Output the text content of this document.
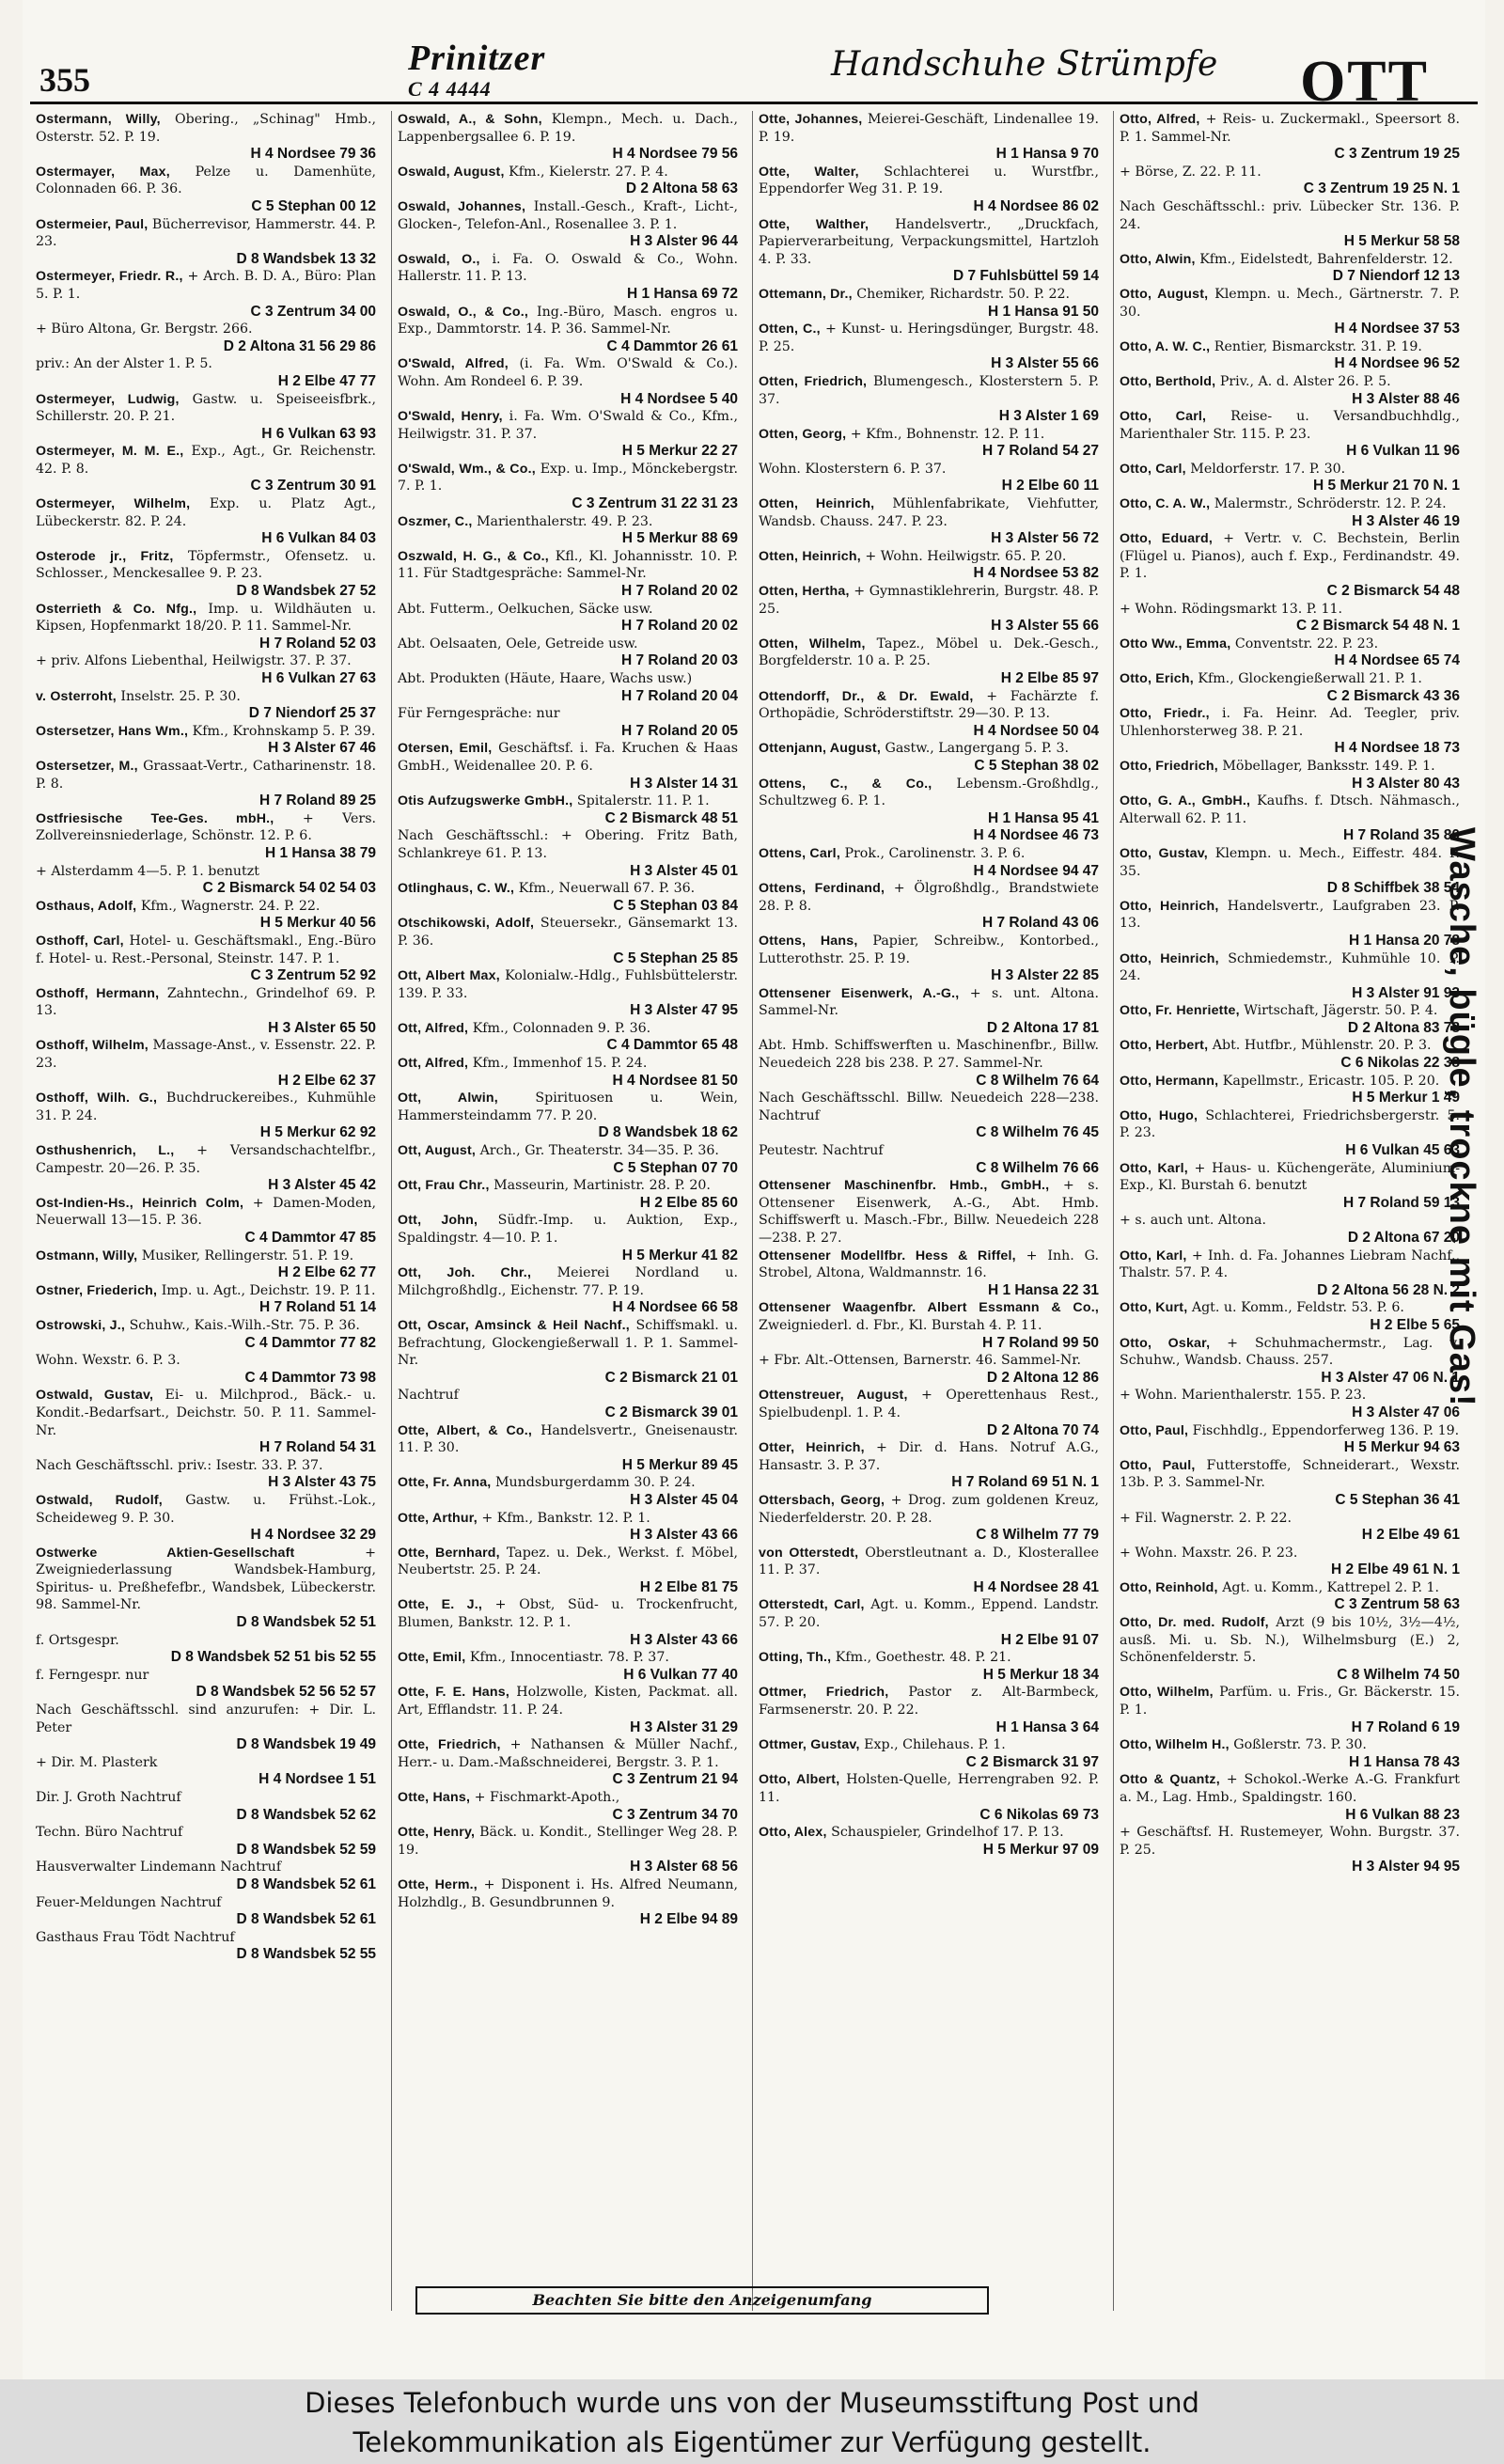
355
Prinitzer
C 4 4444
Handschuhe Strümpfe OTT
Ostermann, Willy, Obering., „Schinag" Hmb., Osterstr. 52. P. 19.
H 4 Nordsee 79 36
Ostermayer, Max, Pelze u. Damenhüte, Colonnaden 66. P. 36.
C 5 Stephan 00 12
Ostermeier, Paul, Bücherrevisor, Hammerstr. 44. P. 23.
D 8 Wandsbek 13 32
Ostermeyer, Friedr. R., + Arch. B. D. A., Büro: Plan 5. P. 1.
C 3 Zentrum 34 00
+ Büro Altona, Gr. Bergstr. 266.
D 2 Altona 31 56 29 86
priv.: An der Alster 1. P. 5.
H 2 Elbe 47 77
Ostermeyer, Ludwig, Gastw. u. Speiseeisfbrk., Schillerstr. 20. P. 21.
H 6 Vulkan 63 93
Ostermeyer, M. M. E., Exp., Agt., Gr. Reichenstr. 42. P. 8.
C 3 Zentrum 30 91
Ostermeyer, Wilhelm, Exp. u. Platz Agt., Lübeckerstr. 82. P. 24.
H 6 Vulkan 84 03
Osterode jr., Fritz, Töpfermstr., Ofensetz. u. Schlosser., Menckesallee 9. P. 23.
D 8 Wandsbek 27 52
Osterrieth & Co. Nfg., Imp. u. Wildhäuten u. Kipsen, Hopfenmarkt 18/20. P. 11. Sammel-Nr.
H 7 Roland 52 03
+ priv. Alfons Liebenthal, Heilwigstr. 37. P. 37.
H 6 Vulkan 27 63
v. Osterroht, Inselstr. 25. P. 30.
D 7 Niendorf 25 37
Ostersetzer, Hans Wm., Kfm., Krohnskamp 5. P. 39.
H 3 Alster 67 46
Ostersetzer, M., Grassaat-Vertr., Catharinenstr. 18. P. 8.
H 7 Roland 89 25
Ostfriesische Tee-Ges. mbH., + Vers. Zollvereinsniederlage, Schönstr. 12. P. 6.
H 1 Hansa 38 79
+ Alsterdamm 4—5. P. 1. benutzt
C 2 Bismarck 54 02 54 03
Osthaus, Adolf, Kfm., Wagnerstr. 24. P. 22.
H 5 Merkur 40 56
Osthoff, Carl, Hotel- u. Geschäftsmakl., Eng.-Büro f. Hotel- u. Rest.-Personal, Steinstr. 147. P. 1.
C 3 Zentrum 52 92
Osthoff, Hermann, Zahntechn., Grindelhof 69. P. 13.
H 3 Alster 65 50
Osthoff, Wilhelm, Massage-Anst., v. Essenstr. 22. P. 23.
H 2 Elbe 62 37
Osthoff, Wilh. G., Buchdruckereibes., Kuhmühle 31. P. 24.
H 5 Merkur 62 92
Osthushenrich, L., + Versandschachtelfbr., Campestr. 20—26. P. 35.
H 3 Alster 45 42
Ost-Indien-Hs., Heinrich Colm, + Damen-Moden, Neuerwall 13—15. P. 36.
C 4 Dammtor 47 85
Ostmann, Willy, Musiker, Rellingerstr. 51. P. 19.
H 2 Elbe 62 77
Ostner, Friederich, Imp. u. Agt., Deichstr. 19. P. 11.
H 7 Roland 51 14
Ostrowski, J., Schuhw., Kais.-Wilh.-Str. 75. P. 36.
C 4 Dammtor 77 82
Wohn. Wexstr. 6. P. 3.
C 4 Dammtor 73 98
Ostwald, Gustav, Ei- u. Milchprod., Bäck.- u. Kondit.-Bedarfsart., Deichstr. 50. P. 11. Sammel-Nr.
H 7 Roland 54 31
Nach Geschäftsschl. priv.: Isestr. 33. P. 37.
H 3 Alster 43 75
Ostwald, Rudolf, Gastw. u. Frühst.-Lok., Scheideweg 9. P. 30.
H 4 Nordsee 32 29
Ostwerke Aktien-Gesellschaft	+ Zweigniederlassung Wandsbek-Hamburg, Spiritus- u. Preßhefefbr., Wandsbek, Lübeckerstr. 98. Sammel-Nr.
D 8 Wandsbek 52 51
f. Ortsgespr.
D 8 Wandsbek 52 51 bis 52 55
f. Ferngespr. nur
D 8 Wandsbek 52 56 52 57
Nach Geschäftsschl. sind anzurufen: + Dir. L. Peter
D 8 Wandsbek 19 49
+ Dir. M. Plasterk
H 4 Nordsee 1 51
Dir. J. Groth Nachtruf
D 8 Wandsbek 52 62
Techn. Büro Nachtruf
D 8 Wandsbek 52 59
Hausverwalter Lindemann Nachtruf
D 8 Wandsbek 52 61
Feuer-Meldungen Nachtruf
D 8 Wandsbek 52 61
Gasthaus Frau Tödt Nachtruf
D 8 Wandsbek 52 55
Oswald, A., & Sohn, Klempn., Mech. u. Dach., Lappenbergsallee 6. P. 19.
H 4 Nordsee 79 56
Oswald, August, Kfm., Kielerstr. 27. P. 4.
D 2 Altona 58 63
Oswald, Johannes, Install.-Gesch., Kraft-, Licht-, Glocken-, Telefon-Anl., Rosenallee 3. P. 1.
H 3 Alster 96 44
Oswald, O., i. Fa. O. Oswald & Co., Wohn. Hallerstr. 11. P. 13.
H 1 Hansa 69 72
Oswald, O., & Co., Ing.-Büro, Masch. engros u. Exp., Dammtorstr. 14. P. 36. Sammel-Nr.
C 4 Dammtor 26 61
O'Swald, Alfred, (i. Fa. Wm. O'Swald & Co.). Wohn. Am Rondeel 6. P. 39.
H 4 Nordsee 5 40
O'Swald, Henry, i. Fa. Wm. O'Swald & Co., Kfm., Heilwigstr. 31. P. 37.
H 5 Merkur 22 27
O'Swald, Wm., & Co., Exp. u. Imp., Mönckebergstr. 7. P. 1.
C 3 Zentrum 31 22 31 23
Oszmer, C., Marienthalerstr. 49. P. 23.
H 5 Merkur 88 69
Oszwald, H. G., & Co., Kfl., Kl. Johannisstr. 10. P. 11. Für Stadtgespräche: Sammel-Nr.
H 7 Roland 20 02
Abt. Futterm., Oelkuchen, Säcke usw.
H 7 Roland 20 02
Abt. Oelsaaten, Oele, Getreide usw.
H 7 Roland 20 03
Abt. Produkten (Häute, Haare, Wachs usw.)
H 7 Roland 20 04
Für Ferngespräche: nur
H 7 Roland 20 05
Otersen, Emil, Geschäftsf. i. Fa. Kruchen & Haas GmbH., Weidenallee 20. P. 6.
H 3 Alster 14 31
Otis Aufzugswerke GmbH., Spitalerstr. 11. P. 1.
C 2 Bismarck 48 51
Nach Geschäftsschl.: + Obering. Fritz Bath, Schlankreye 61. P. 13.
H 3 Alster 45 01
Otlinghaus, C. W., Kfm., Neuerwall 67. P. 36.
C 5 Stephan 03 84
Otschikowski, Adolf, Steuersekr., Gänsemarkt 13. P. 36.
C 5 Stephan 25 85
Ott, Albert Max, Kolonialw.-Hdlg., Fuhlsbüttelerstr. 139. P. 33.
H 3 Alster 47 95
Ott, Alfred, Kfm., Colonnaden 9. P. 36.
C 4 Dammtor 65 48
Ott, Alfred, Kfm., Immenhof 15. P. 24.
H 4 Nordsee 81 50
Ott, Alwin,	Spirituosen u. Wein, Hammersteindamm 77. P. 20.
D 8 Wandsbek 18 62
Ott, August, Arch., Gr. Theaterstr. 34—35. P. 36.
C 5 Stephan 07 70
Ott, Frau Chr., Masseurin, Martinistr. 28. P. 20.
H 2 Elbe 85 60
Ott, John, Südfr.-Imp. u. Auktion, Exp., Spaldingstr. 4—10. P. 1.
H 5 Merkur 41 82
Ott, Joh. Chr., Meierei Nordland u. Milchgroßhdlg., Eichenstr. 77. P. 19.
H 4 Nordsee 66 58
Ott, Oscar, Amsinck & Heil Nachf., Schiffsmakl. u. Befrachtung, Glockengießerwall 1. P. 1. Sammel-Nr.
C 2 Bismarck 21 01
Nachtruf
C 2 Bismarck 39 01
Otte, Albert, & Co., Handelsvertr., Gneisenaustr. 11. P. 30.
H 5 Merkur 89 45
Otte, Fr. Anna, Mundsburgerdamm 30. P. 24.
H 3 Alster 45 04
Otte, Arthur, + Kfm., Bankstr. 12. P. 1.
H 3 Alster 43 66
Otte, Bernhard, Tapez. u. Dek., Werkst. f. Möbel, Neubertstr. 25. P. 24.
H 2 Elbe 81 75
Otte, E. J., + Obst, Süd- u. Trockenfrucht, Blumen, Bankstr. 12. P. 1.
H 3 Alster 43 66
Otte, Emil, Kfm., Innocentiastr. 78. P. 37.
H 6 Vulkan 77 40
Otte, F. E. Hans, Holzwolle, Kisten, Packmat. all. Art, Efflandstr. 11. P. 24.
H 3 Alster 31 29
Otte, Friedrich, + Nathansen & Müller Nachf., Herr.- u. Dam.-Maßschneiderei, Bergstr. 3. P. 1.
C 3 Zentrum 21 94
Otte, Hans, + Fischmarkt-Apoth.,
C 3 Zentrum 34 70
Otte, Henry, Bäck. u. Kondit., Stellinger Weg 28. P. 19.
H 3 Alster 68 56
Otte, Herm., + Disponent i. Hs. Alfred Neumann, Holzhdlg., B. Gesundbrunnen 9.
H 2 Elbe 94 89
Otte, Johannes, Meierei-Geschäft, Lindenallee 19. P. 19.
H 1 Hansa 9 70
Otte, Walter, Schlachterei u. Wurstfbr., Eppendorfer Weg 31. P. 19.
H 4 Nordsee 86 02
Otte, Walther, Handelsvertr., „Druckfach, Papierverarbeitung, Verpackungsmittel, Hartzloh 4. P. 33.
D 7 Fuhlsbüttel 59 14
Ottemann, Dr., Chemiker, Richardstr. 50. P. 22.
H 1 Hansa 91 50
Otten, C., + Kunst- u. Heringsdünger, Burgstr. 48. P. 25.
H 3 Alster 55 66
Otten, Friedrich, Blumengesch., Klosterstern 5. P. 37.
H 3 Alster 1 69
Otten, Georg, + Kfm., Bohnenstr. 12. P. 11.
H 7 Roland 54 27
Wohn. Klosterstern 6. P. 37.
H 2 Elbe 60 11
Otten, Heinrich, Mühlenfabrikate, Viehfutter, Wandsb. Chauss. 247. P. 23.
H 3 Alster 56 72
Otten, Heinrich, + Wohn. Heilwigstr. 65. P. 20.
H 4 Nordsee 53 82
Otten, Hertha, + Gymnastiklehrerin, Burgstr. 48. P. 25.
H 3 Alster 55 66
Otten, Wilhelm, Tapez., Möbel u. Dek.-Gesch., Borgfelderstr. 10 a. P. 25.
H 2 Elbe 85 97
Ottendorff, Dr., & Dr. Ewald, + Fachärzte f. Orthopädie, Schröderstiftstr. 29—30. P. 13.
H 4 Nordsee 50 04
Ottenjann, August, Gastw., Langergang 5. P. 3.
C 5 Stephan 38 02
Ottens, C., & Co., Lebensm.-Großhdlg., Schultzweg 6. P. 1.
H 1 Hansa 95 41
H 4 Nordsee 46 73
Ottens, Carl, Prok., Carolinenstr. 3. P. 6.
H 4 Nordsee 94 47
Ottens, Ferdinand, + Ölgroßhdlg., Brandstwiete 28. P. 8.
H 7 Roland 43 06
Ottens, Hans, Papier, Schreibw., Kontorbed., Lutterothstr. 25. P. 19.
H 3 Alster 22 85
Ottensener Eisenwerk, A.-G., + s. unt. Altona. Sammel-Nr.
D 2 Altona 17 81
Abt. Hmb. Schiffswerften u. Maschinenfbr., Billw. Neuedeich 228 bis 238. P. 27. Sammel-Nr.
C 8 Wilhelm 76 64
Nach Geschäftsschl. Billw. Neuedeich 228—238. Nachtruf
C 8 Wilhelm 76 45
Peutestr. Nachtruf
C 8 Wilhelm 76 66
Ottensener Maschinenfbr. Hmb., GmbH., + s. Ottensener Eisenwerk, A.-G., Abt. Hmb. Schiffswerft u. Masch.-Fbr., Billw. Neuedeich 228—238. P. 27.
Ottensener Modellfbr. Hess & Riffel, + Inh. G. Strobel, Altona, Waldmannstr. 16.
H 1 Hansa 22 31
Ottensener Waagenfbr. Albert Essmann & Co., Zweigniederl. d. Fbr., Kl. Burstah 4. P. 11.
H 7 Roland 99 50
+ Fbr. Alt.-Ottensen, Barnerstr. 46. Sammel-Nr.
D 2 Altona 12 86
Ottenstreuer, August, + Operettenhaus Rest., Spielbudenpl. 1. P. 4.
D 2 Altona 70 74
Otter, Heinrich, + Dir. d. Hans. Notruf A.G., Hansastr. 3. P. 37.
H 7 Roland 69 51 N. 1
Ottersbach, Georg, + Drog. zum goldenen Kreuz, Niederfelderstr. 20. P. 28.
C 8 Wilhelm 77 79
von Otterstedt, Oberstleutnant a. D., Klosterallee 11. P. 37.
H 4 Nordsee 28 41
Otterstedt, Carl, Agt. u. Komm., Eppend. Landstr. 57. P. 20.
H 2 Elbe 91 07
Otting, Th., Kfm., Goethestr. 48. P. 21.
H 5 Merkur 18 34
Ottmer, Friedrich, Pastor z. Alt-Barmbeck, Farmsenerstr. 20. P. 22.
H 1 Hansa 3 64
Ottmer, Gustav, Exp., Chilehaus. P. 1.
C 2 Bismarck 31 97
Otto, Albert, Holsten-Quelle, Herrengraben 92. P. 11.
C 6 Nikolas 69 73
Otto, Alex, Schauspieler, Grindelhof 17. P. 13.
H 5 Merkur 97 09
Otto, Alfred, + Reis- u. Zuckermakl., Speersort 8. P. 1. Sammel-Nr.
C 3 Zentrum 19 25
+ Börse, Z. 22. P. 11.
C 3 Zentrum 19 25 N. 1
Nach Geschäftsschl.: priv. Lübecker Str. 136. P. 24.
H 5 Merkur 58 58
Otto, Alwin, Kfm., Eidelstedt, Bahrenfelderstr. 12.
D 7 Niendorf 12 13
Otto, August, Klempn. u. Mech., Gärtnerstr. 7. P. 30.
H 4 Nordsee 37 53
Otto, A. W. C., Rentier, Bismarckstr. 31. P. 19.
H 4 Nordsee 96 52
Otto, Berthold, Priv., A. d. Alster 26. P. 5.
H 3 Alster 88 46
Otto, Carl, Reise- u. Versandbuchhdlg., Marienthaler Str. 115. P. 23.
H 6 Vulkan 11 96
Otto, Carl, Meldorferstr. 17. P. 30.
H 5 Merkur 21 70 N. 1
Otto, C. A. W., Malermstr., Schröderstr. 12. P. 24.
H 3 Alster 46 19
Otto, Eduard, + Vertr. v. C. Bechstein, Berlin (Flügel u. Pianos), auch f. Exp., Ferdinandstr. 49. P. 1.
C 2 Bismarck 54 48
+ Wohn. Rödingsmarkt 13. P. 11.
C 2 Bismarck 54 48 N. 1
Otto Ww., Emma, Conventstr. 22. P. 23.
H 4 Nordsee 65 74
Otto, Erich, Kfm., Glockengießerwall 21. P. 1.
C 2 Bismarck 43 36
Otto, Friedr., i. Fa. Heinr. Ad. Teegler, priv. Uhlenhorsterweg 38. P. 21.
H 4 Nordsee 18 73
Otto, Friedrich, Möbellager, Banksstr. 149. P. 1.
H 3 Alster 80 43
Otto, G. A., GmbH., Kaufhs. f. Dtsch. Nähmasch., Alterwall 62. P. 11.
H 7 Roland 35 80
Otto, Gustav, Klempn. u. Mech., Eiffestr. 484. P. 35.
D 8 Schiffbek 38 54
Otto, Heinrich, Handelsvertr., Laufgraben 23. P. 13.
H 1 Hansa 20 78
Otto, Heinrich, Schmiedemstr., Kuhmühle 10. P. 24.
H 3 Alster 91 93
Otto, Fr. Henriette, Wirtschaft, Jägerstr. 50. P. 4.
D 2 Altona 83 78
Otto, Herbert, Abt. Hutfbr., Mühlenstr. 20. P. 3.
C 6 Nikolas 22 38
Otto, Hermann, Kapellmstr., Ericastr. 105. P. 20.
H 5 Merkur 1 49
Otto, Hugo, Schlachterei, Friedrichsbergerstr. 5. P. 23.
H 6 Vulkan 45 63
Otto, Karl, + Haus- u. Küchengeräte, Aluminium-Exp., Kl. Burstah 6. benutzt
H 7 Roland 59 13
+ s. auch unt. Altona.
D 2 Altona 67 20
Otto, Karl, + Inh. d. Fa. Johannes Liebram Nachf., Thalstr. 57. P. 4.
D 2 Altona 56 28 N. 2
Otto, Kurt, Agt. u. Komm., Feldstr. 53. P. 6.
H 2 Elbe 5 65
Otto, Oskar, + Schuhmachermstr., Lag. v. Schuhw., Wandsb. Chauss. 257.
H 3 Alster 47 06 N. 1
+ Wohn. Marienthalerstr. 155. P. 23.
H 3 Alster 47 06
Otto, Paul, Fischhdlg., Eppendorferweg 136. P. 19.
H 5 Merkur 94 63
Otto, Paul, Futterstoffe, Schneiderart., Wexstr. 13b. P. 3. Sammel-Nr.
C 5 Stephan 36 41
+ Fil. Wagnerstr. 2. P. 22.
H 2 Elbe 49 61
+ Wohn. Maxstr. 26. P. 23.
H 2 Elbe 49 61 N. 1
Otto, Reinhold, Agt. u. Komm., Kattrepel 2. P. 1.
C 3 Zentrum 58 63
Otto, Dr. med. Rudolf, Arzt (9 bis 10½, 3½—4½, ausß. Mi. u. Sb. N.), Wilhelmsburg (E.) 2, Schönenfelderstr. 5.
C 8 Wilhelm 74 50
Otto, Wilhelm, Parfüm. u. Fris., Gr. Bäckerstr. 15. P. 1.
H 7 Roland 6 19
Otto, Wilhelm H., Goßlerstr. 73. P. 30.
H 1 Hansa 78 43
Otto & Quantz, + Schokol.-Werke A.-G. Frankfurt a. M., Lag. Hmb., Spaldingstr. 160.
H 6 Vulkan 88 23
+ Geschäftsf. H. Rustemeyer, Wohn. Burgstr. 37. P. 25.
H 3 Alster 94 95
Wasche, bügle, trockne mit Gas!
Beachten Sie bitte den Anzeigenumfang
Dieses Telefonbuch wurde uns von der Museumsstiftung Post und
Telekommunikation als Eigentümer zur Verfügung gestellt.
